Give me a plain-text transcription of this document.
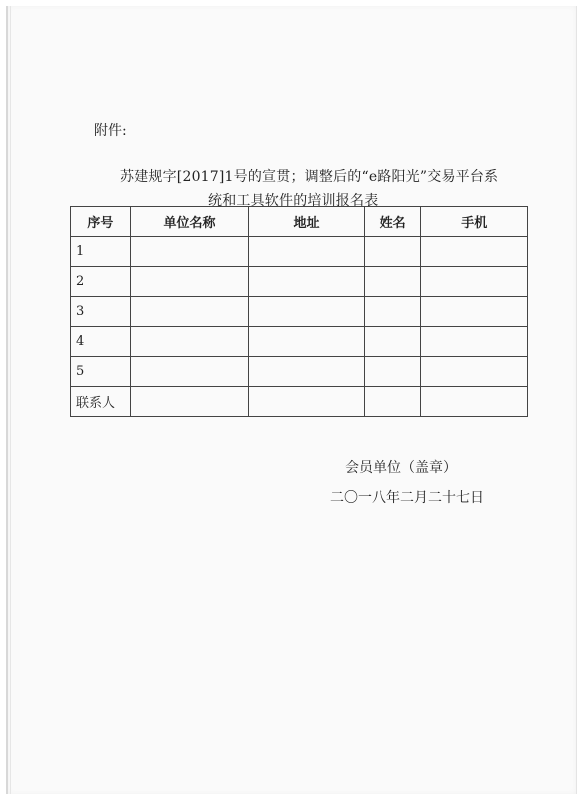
附件:
苏建规字[2017]1号的宣贯；调整后的“e路阳光”交易平台系
统和工具软件的培训报名表
序号	单位名称	地址	姓名	手机
1				
2				
3				
4				
5				
联系人				
会员单位（盖章）
二〇一八年二月二十七日
